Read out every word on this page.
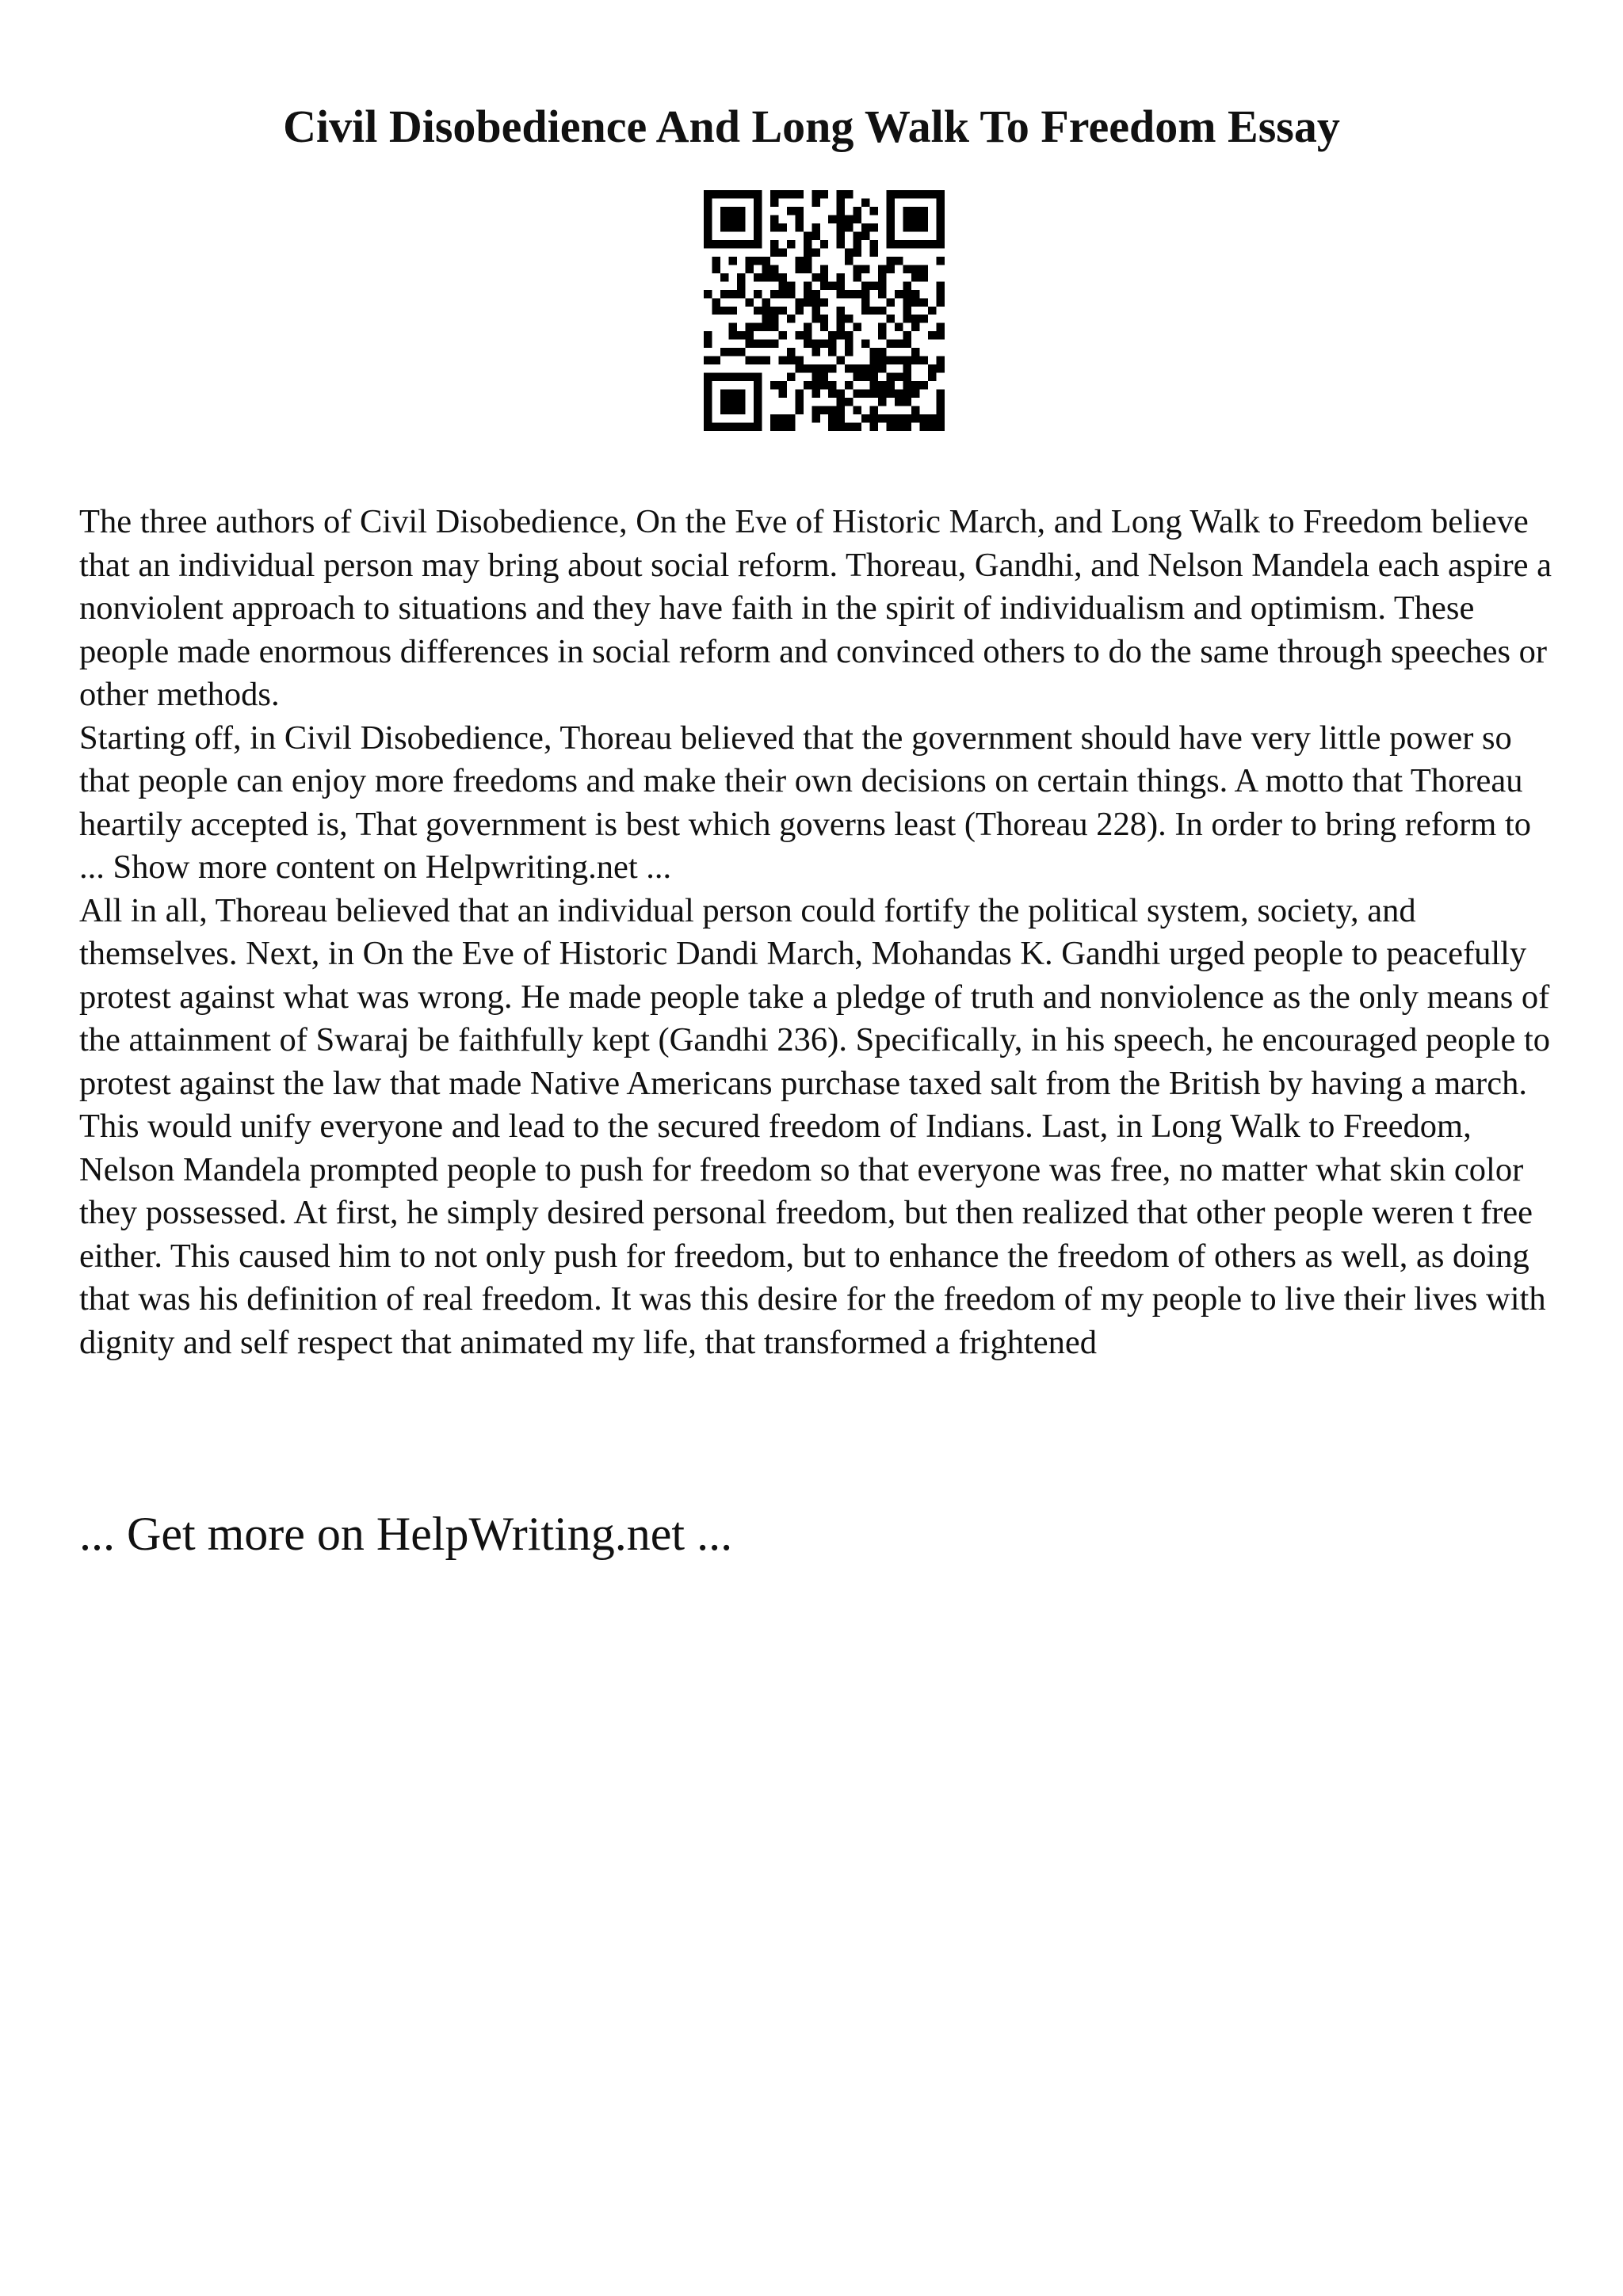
Civil Disobedience And Long Walk To Freedom Essay

The three authors of Civil Disobedience, On the Eve of Historic March, and Long Walk to Freedom believe that an individual person may bring about social reform. Thoreau, Gandhi, and Nelson Mandela each aspire a nonviolent approach to situations and they have faith in the spirit of individualism and optimism. These people made enormous differences in social reform and convinced others to do the same through speeches or other methods.

Starting off, in Civil Disobedience, Thoreau believed that the government should have very little power so that people can enjoy more freedoms and make their own decisions on certain things. A motto that Thoreau heartily accepted is, That government is best which governs least (Thoreau 228). In order to bring reform to ... Show more content on Helpwriting.net ...

All in all, Thoreau believed that an individual person could fortify the political system, society, and themselves. Next, in On the Eve of Historic Dandi March, Mohandas K. Gandhi urged people to peacefully protest against what was wrong. He made people take a pledge of truth and nonviolence as the only means of the attainment of Swaraj be faithfully kept (Gandhi 236). Specifically, in his speech, he encouraged people to protest against the law that made Native Americans purchase taxed salt from the British by having a march. This would unify everyone and lead to the secured freedom of Indians. Last, in Long Walk to Freedom, Nelson Mandela prompted people to push for freedom so that everyone was free, no matter what skin color they possessed. At first, he simply desired personal freedom, but then realized that other people weren t free either. This caused him to not only push for freedom, but to enhance the freedom of others as well, as doing that was his definition of real freedom. It was this desire for the freedom of my people to live their lives with dignity and self respect that animated my life, that transformed a frightened

... Get more on HelpWriting.net ...
